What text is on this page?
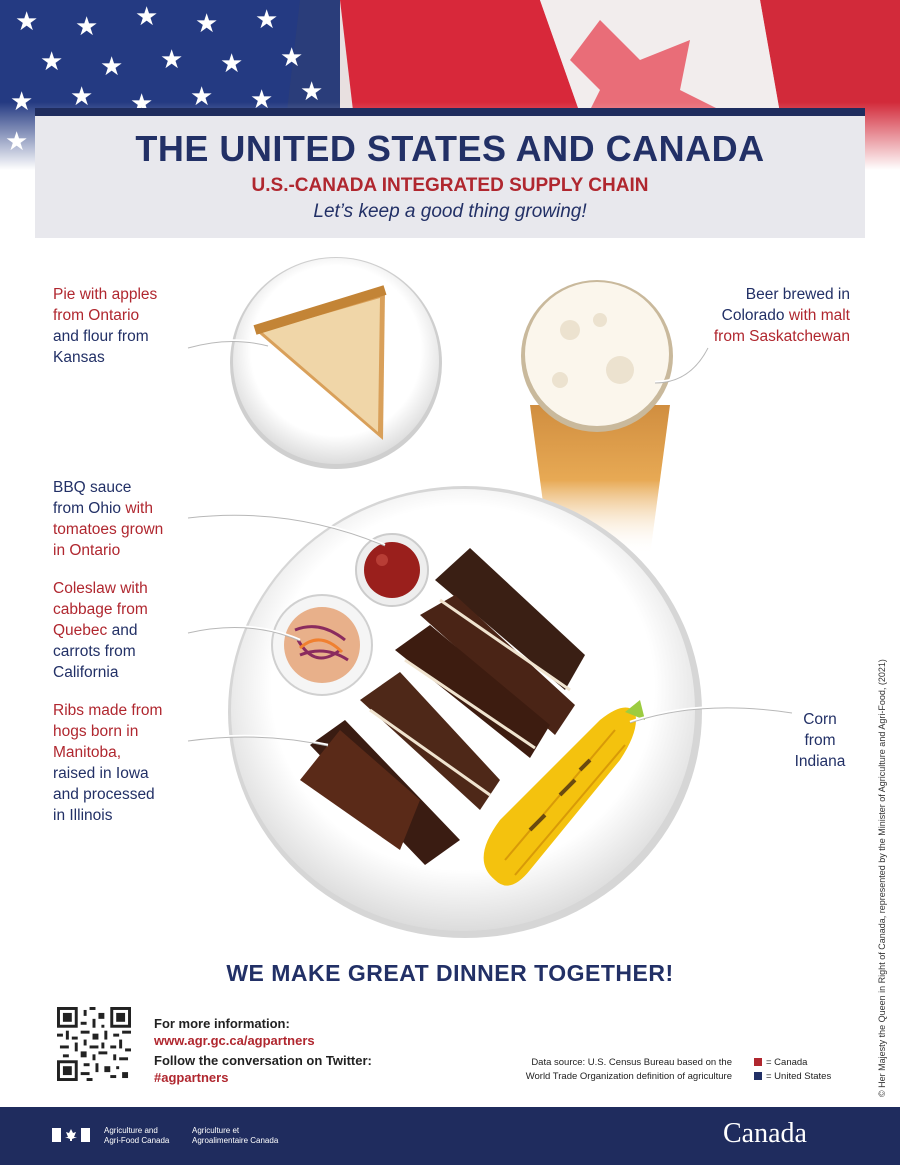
THE UNITED STATES AND CANADA
U.S.-CANADA INTEGRATED SUPPLY CHAIN
Let’s keep a good thing growing!
Pie with apples
from Ontario
and flour from
Kansas
Beer brewed in
Colorado with malt
from Saskatchewan
BBQ sauce
from Ohio with
tomatoes grown
in Ontario
Coleslaw with
cabbage from
Quebec and
carrots from
California
Ribs made from
hogs born in
Manitoba,
raised in Iowa
and processed
in Illinois
Corn
from
Indiana
WE MAKE GREAT DINNER TOGETHER!
For more information:
www.agr.gc.ca/agpartners
Follow the conversation on Twitter:
#agpartners
Data source: U.S. Census Bureau based on the
World Trade Organization definition of agriculture
= Canada
= United States	© Her Majesty the Queen in Right of Canada, represented by the Minister of Agriculture and Agri-Food, (2021)
Agriculture and
Agri-Food Canada
Agriculture et
Agroalimentaire Canada	Canada
